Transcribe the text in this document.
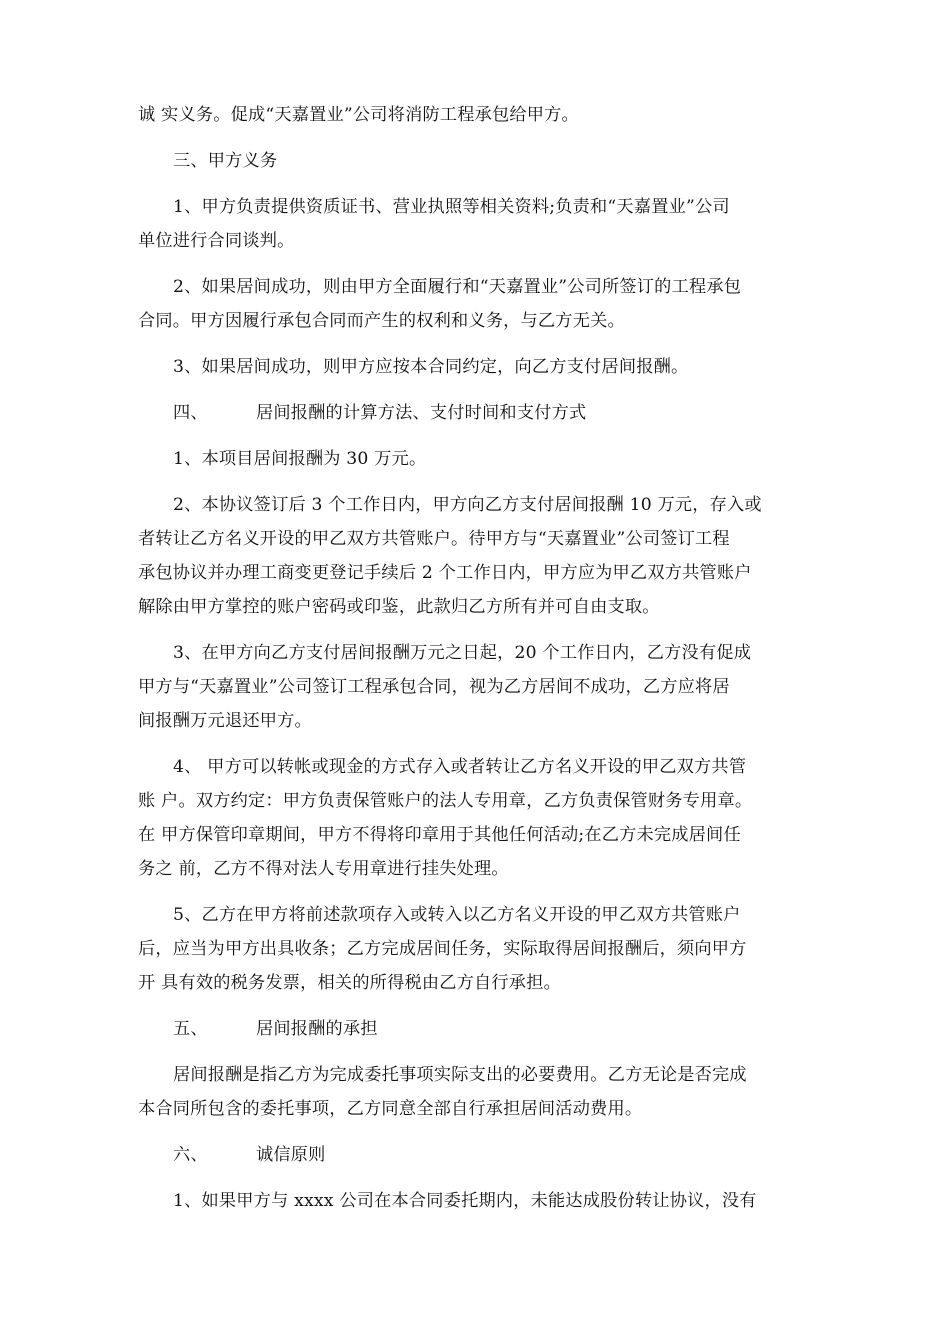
诚 实义务。促成“天嘉置业”公司将消防工程承包给甲方。
三、甲方义务
1、甲方负责提供资质证书、营业执照等相关资料;负责和“天嘉置业”公司
单位进行合同谈判。
2、如果居间成功，则由甲方全面履行和“天嘉置业”公司所签订的工程承包
合同。甲方因履行承包合同而产生的权利和义务，与乙方无关。
3、如果居间成功，则甲方应按本合同约定，向乙方支付居间报酬。
四、	居间报酬的计算方法、支付时间和支付方式
1、本项目居间报酬为 30 万元。
2、本协议签订后 3 个工作日内，甲方向乙方支付居间报酬 10 万元，存入或
者转让乙方名义开设的甲乙双方共管账户。待甲方与“天嘉置业”公司签订工程
承包协议并办理工商变更登记手续后 2 个工作日内，甲方应为甲乙双方共管账户
解除由甲方掌控的账户密码或印鉴，此款归乙方所有并可自由支取。
3、在甲方向乙方支付居间报酬万元之日起，20 个工作日内，乙方没有促成
甲方与“天嘉置业”公司签订工程承包合同，视为乙方居间不成功，乙方应将居
间报酬万元退还甲方。
4、 甲方可以转帐或现金的方式存入或者转让乙方名义开设的甲乙双方共管
账 户。双方约定：甲方负责保管账户的法人专用章，乙方负责保管财务专用章。
在 甲方保管印章期间，甲方不得将印章用于其他任何活动;在乙方未完成居间任
务之 前，乙方不得对法人专用章进行挂失处理。
5、乙方在甲方将前述款项存入或转入以乙方名义开设的甲乙双方共管账户
后，应当为甲方出具收条；乙方完成居间任务，实际取得居间报酬后，须向甲方
开 具有效的税务发票，相关的所得税由乙方自行承担。
五、	居间报酬的承担
居间报酬是指乙方为完成委托事项实际支出的必要费用。乙方无论是否完成
本合同所包含的委托事项，乙方同意全部自行承担居间活动费用。
六、	诚信原则
1、如果甲方与 xxxx 公司在本合同委托期内，未能达成股份转让协议，没有
